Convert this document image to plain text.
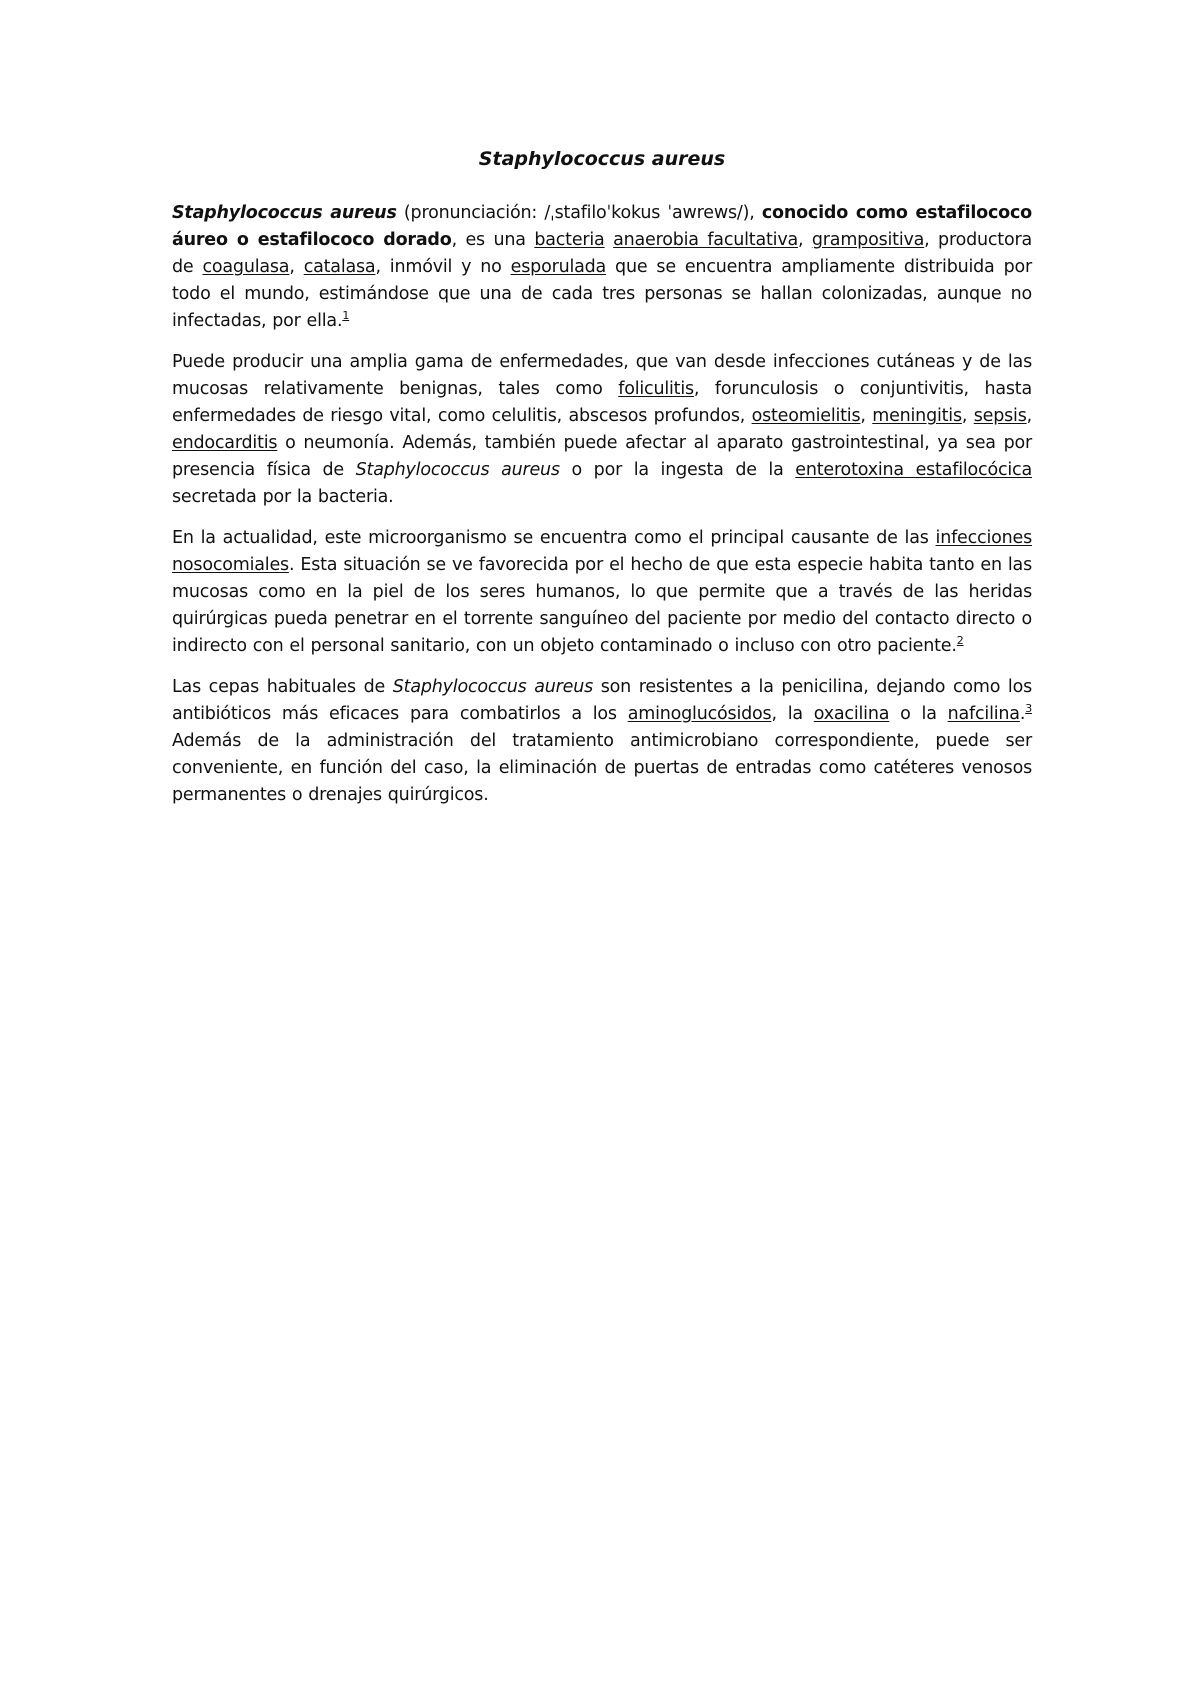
Staphylococcus aureus

Staphylococcus aureus (pronunciación: /ˌstafiloˈkokus ˈawrews/), conocido como estafilococo áureo o estafilococo dorado, es una bacteria anaerobia facultativa, grampositiva, productora de coagulasa, catalasa, inmóvil y no esporulada que se encuentra ampliamente distribuida por todo el mundo, estimándose que una de cada tres personas se hallan colonizadas, aunque no infectadas, por ella.$^1$

Puede producir una amplia gama de enfermedades, que van desde infecciones cutáneas y de las mucosas relativamente benignas, tales como foliculitis, forunculosis o conjuntivitis, hasta enfermedades de riesgo vital, como celulitis, abscesos profundos, osteomielitis, meningitis, sepsis, endocarditis o neumonía. Además, también puede afectar al aparato gastrointestinal, ya sea por presencia física de Staphylococcus aureus o por la ingesta de la enterotoxina estafilocócica secretada por la bacteria.

En la actualidad, este microorganismo se encuentra como el principal causante de las infecciones nosocomiales. Esta situación se ve favorecida por el hecho de que esta especie habita tanto en las mucosas como en la piel de los seres humanos, lo que permite que a través de las heridas quirúrgicas pueda penetrar en el torrente sanguíneo del paciente por medio del contacto directo o indirecto con el personal sanitario, con un objeto contaminado o incluso con otro paciente.$^2$

Las cepas habituales de Staphylococcus aureus son resistentes a la penicilina, dejando como los antibióticos más eficaces para combatirlos a los aminoglucósidos, la oxacilina o la nafcilina.$^3$ Además de la administración del tratamiento antimicrobiano correspondiente, puede ser conveniente, en función del caso, la eliminación de puertas de entradas como catéteres venosos permanentes o drenajes quirúrgicos.
